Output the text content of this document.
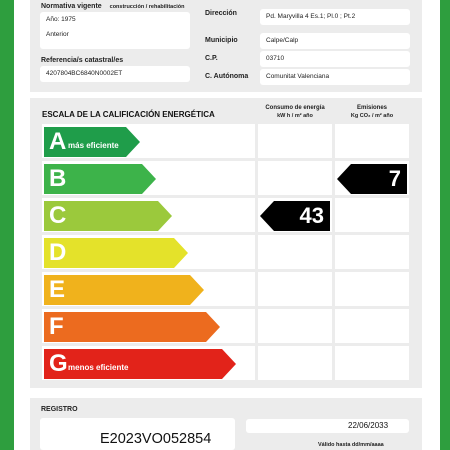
Normativa vigente construcción / rehabilitación
Año: 1975
Anterior
Referencia/s catastral/es
4207804BC6840N0002ET
Dirección	Pd. Maryvilla 4 Es.1; Pl.0 ; Pt.2
Municipio	Calpe/Calp
C.P.	03710
C. Autónoma	Comunitat Valenciana
ESCALA DE LA CALIFICACIÓN ENERGÉTICA
Consumo de energía
kW h / m² año
Emisiones
Kg CO₂ / m² año
REGISTRO
E2023VO052854
22/06/2033
Válido hasta dd/mm/aaaa
A más eficiente
B
C
D
E
F
G menos eficiente
43
7
